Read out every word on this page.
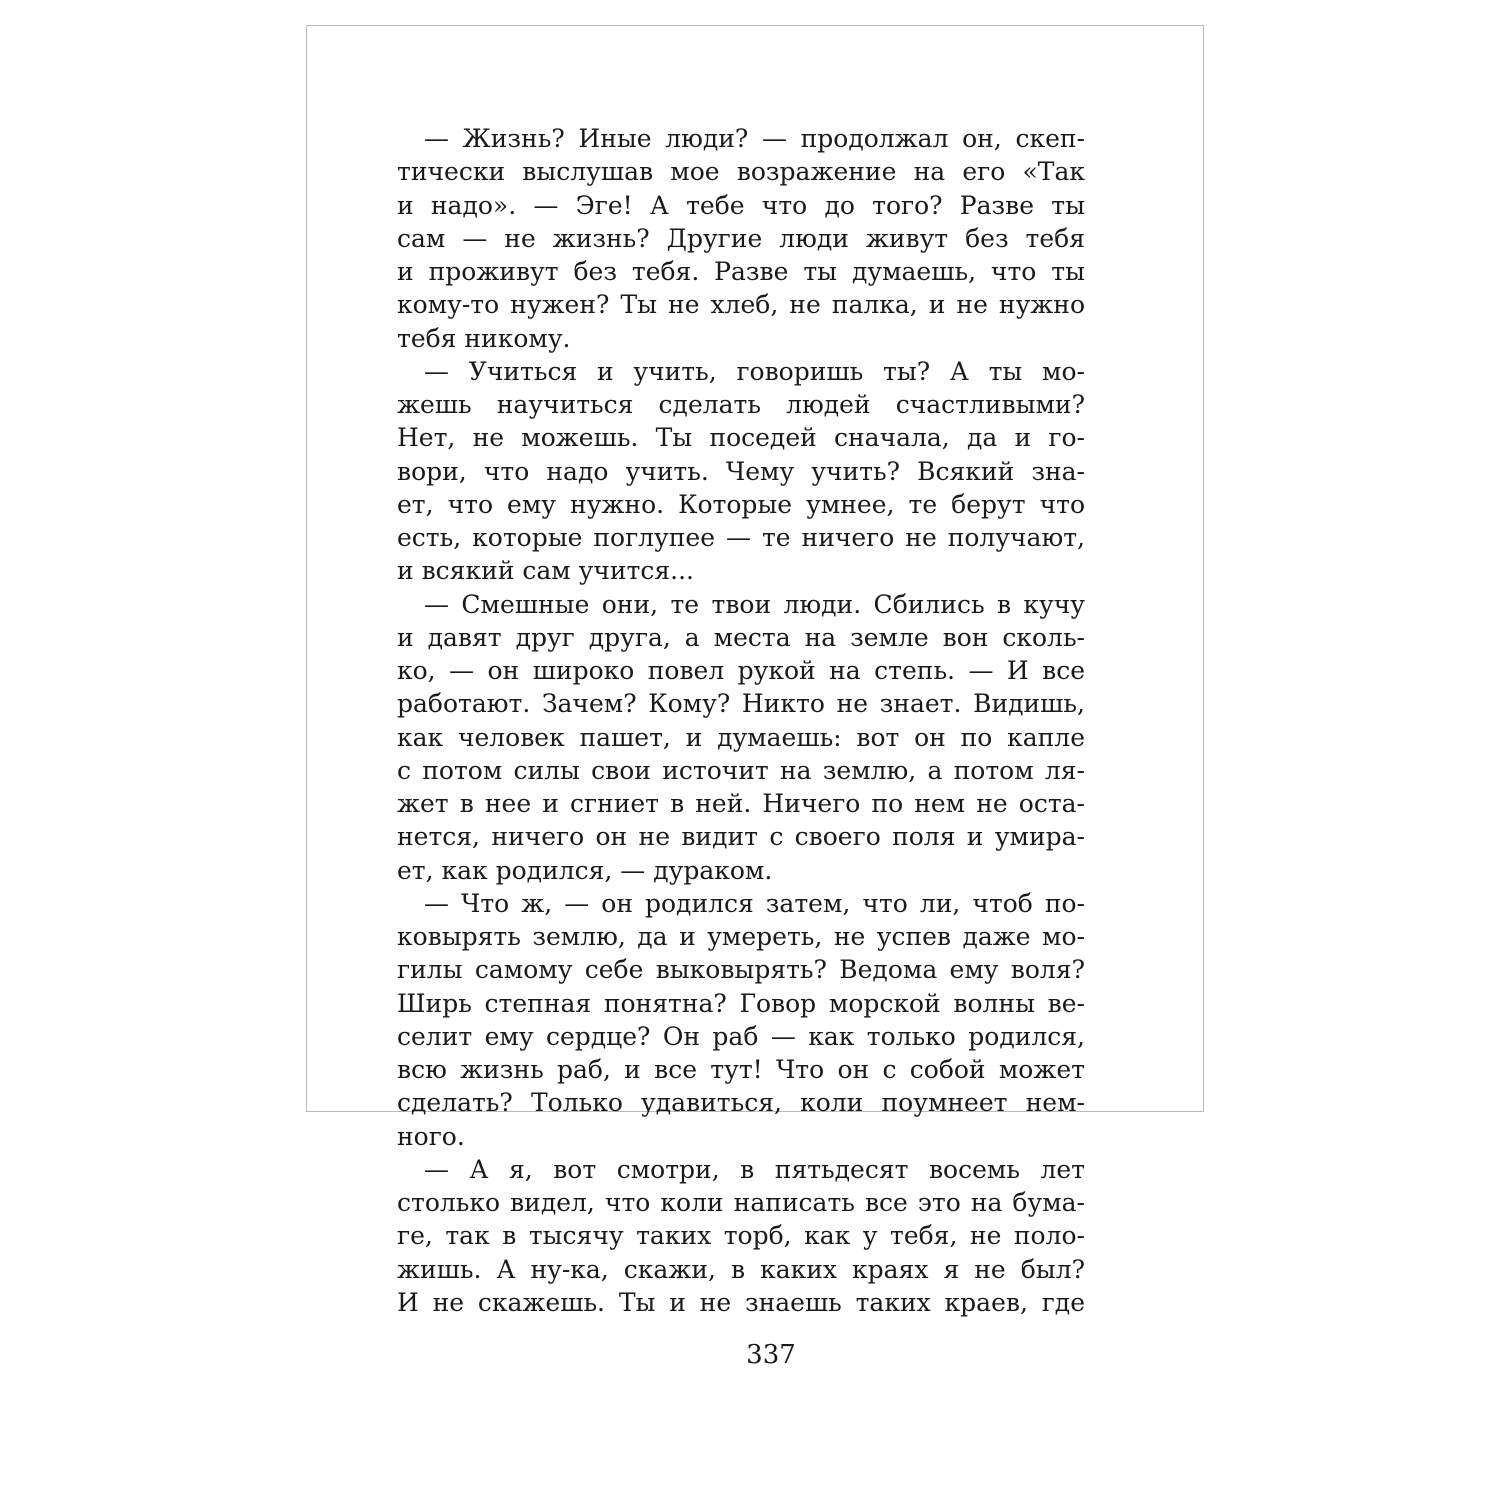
— Жизнь? Иные люди? — продолжал он, скеп-
тически выслушав мое возражение на его «Так
и надо». — Эге! А тебе что до того? Разве ты
сам — не жизнь? Другие люди живут без тебя
и проживут без тебя. Разве ты думаешь, что ты
кому-то нужен? Ты не хлеб, не палка, и не нужно
тебя никому.
— Учиться и учить, говоришь ты? А ты мо-
жешь научиться сделать людей счастливыми?
Нет, не можешь. Ты поседей сначала, да и го-
вори, что надо учить. Чему учить? Всякий зна-
ет, что ему нужно. Которые умнее, те берут что
есть, которые поглупее — те ничего не получают,
и всякий сам учится...
— Смешные они, те твои люди. Сбились в кучу
и давят друг друга, а места на земле вон сколь-
ко, — он широко повел рукой на степь. — И все
работают. Зачем? Кому? Никто не знает. Видишь,
как человек пашет, и думаешь: вот он по капле
с потом силы свои источит на землю, а потом ля-
жет в нее и сгниет в ней. Ничего по нем не оста-
нется, ничего он не видит с своего поля и умира-
ет, как родился, — дураком.
— Что ж, — он родился затем, что ли, чтоб по-
ковырять землю, да и умереть, не успев даже мо-
гилы самому себе выковырять? Ведома ему воля?
Ширь степная понятна? Говор морской волны ве-
селит ему сердце? Он раб — как только родился,
всю жизнь раб, и все тут! Что он с собой может
сделать? Только удавиться, коли поумнеет нем-
ного.
— А я, вот смотри, в пятьдесят восемь лет
столько видел, что коли написать все это на бума-
ге, так в тысячу таких торб, как у тебя, не поло-
жишь. А ну-ка, скажи, в каких краях я не был?
И не скажешь. Ты и не знаешь таких краев, где
337
